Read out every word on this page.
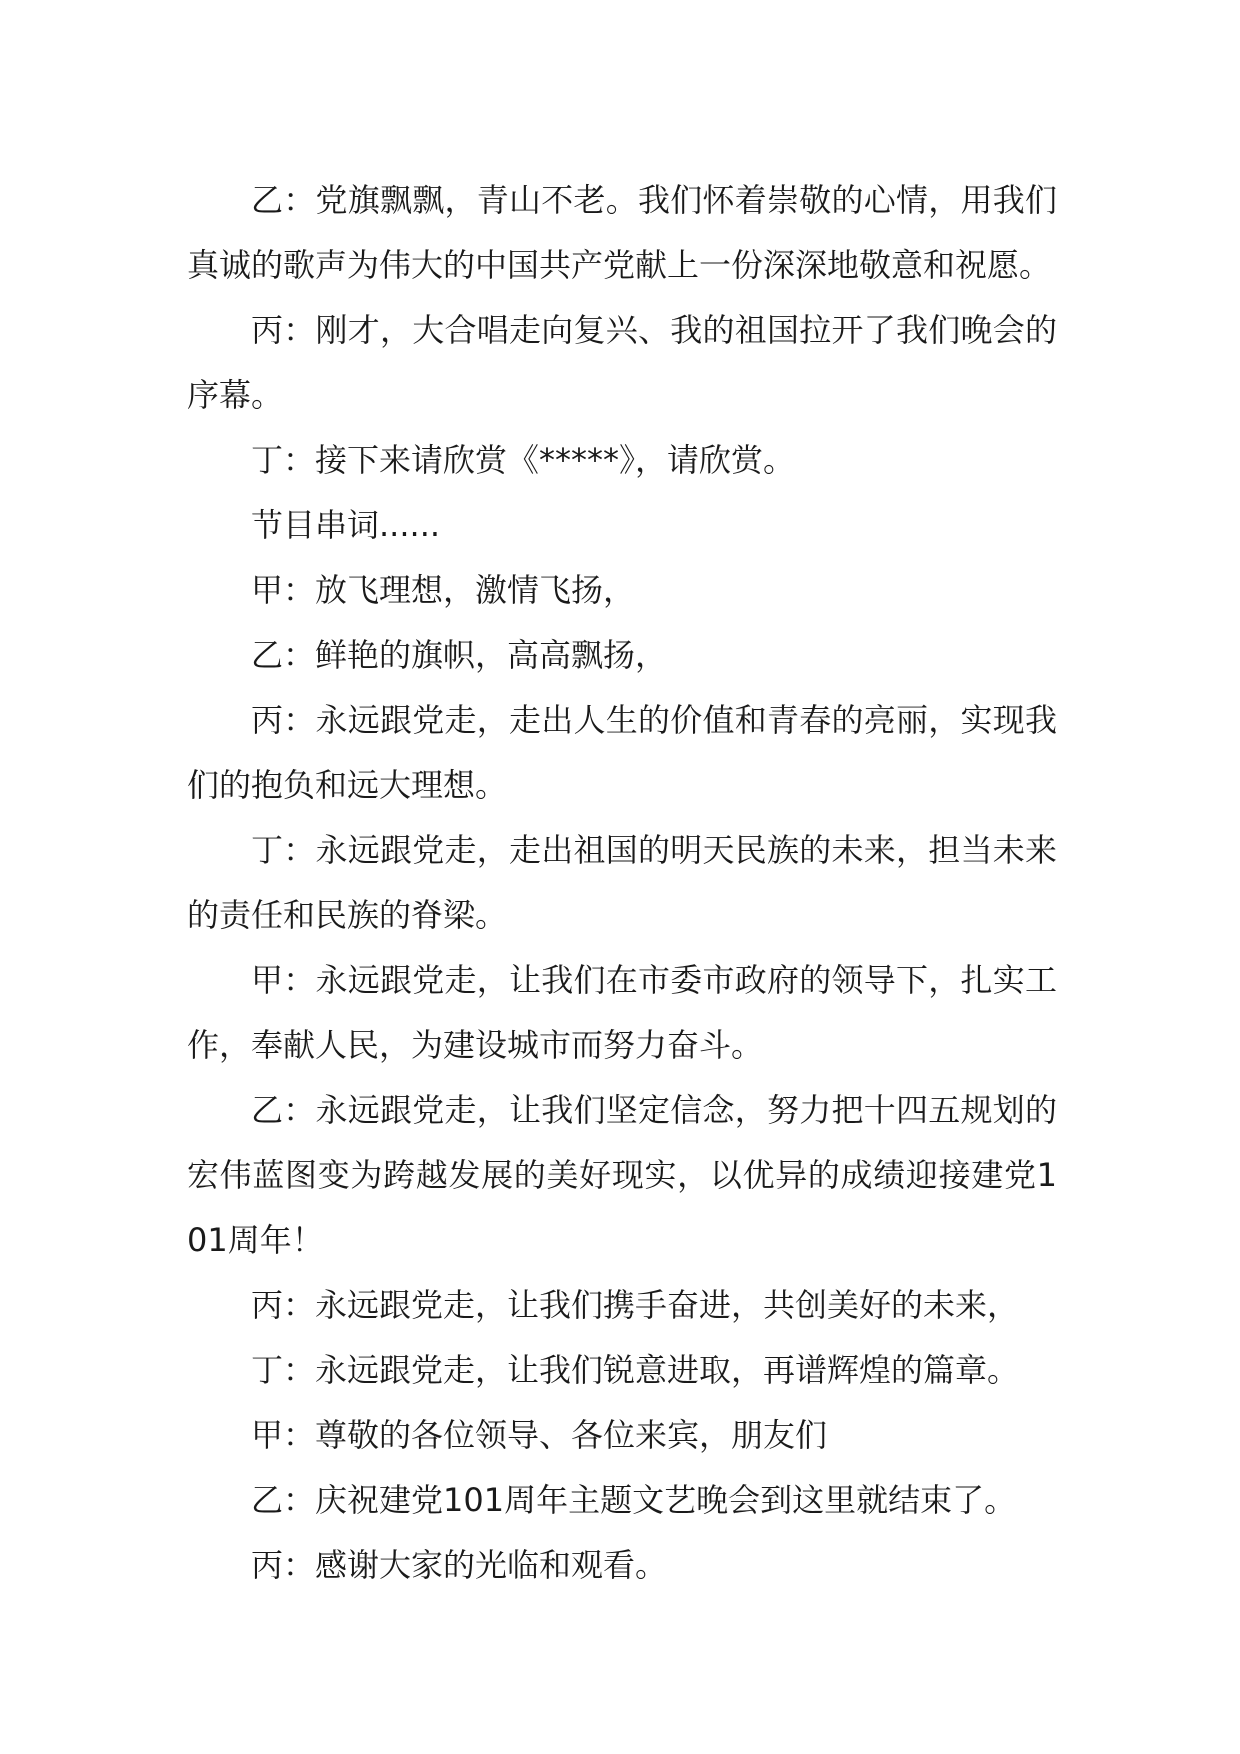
乙：党旗飘飘，青山不老。我们怀着崇敬的心情，用我们真诚的歌声为伟大的中国共产党献上一份深深地敬意和祝愿。

丙：刚才，大合唱走向复兴、我的祖国拉开了我们晚会的序幕。

丁：接下来请欣赏《*****》，请欣赏。

节目串词......

甲：放飞理想，激情飞扬，

乙：鲜艳的旗帜，高高飘扬，

丙：永远跟党走，走出人生的价值和青春的亮丽，实现我们的抱负和远大理想。

丁：永远跟党走，走出祖国的明天民族的未来，担当未来的责任和民族的脊梁。

甲：永远跟党走，让我们在市委市政府的领导下，扎实工作，奉献人民，为建设城市而努力奋斗。

乙：永远跟党走，让我们坚定信念，努力把十四五规划的宏伟蓝图变为跨越发展的美好现实，以优异的成绩迎接建党101周年！

丙：永远跟党走，让我们携手奋进，共创美好的未来，

丁：永远跟党走，让我们锐意进取，再谱辉煌的篇章。

甲：尊敬的各位领导、各位来宾，朋友们

乙：庆祝建党101周年主题文艺晚会到这里就结束了。

丙：感谢大家的光临和观看。
